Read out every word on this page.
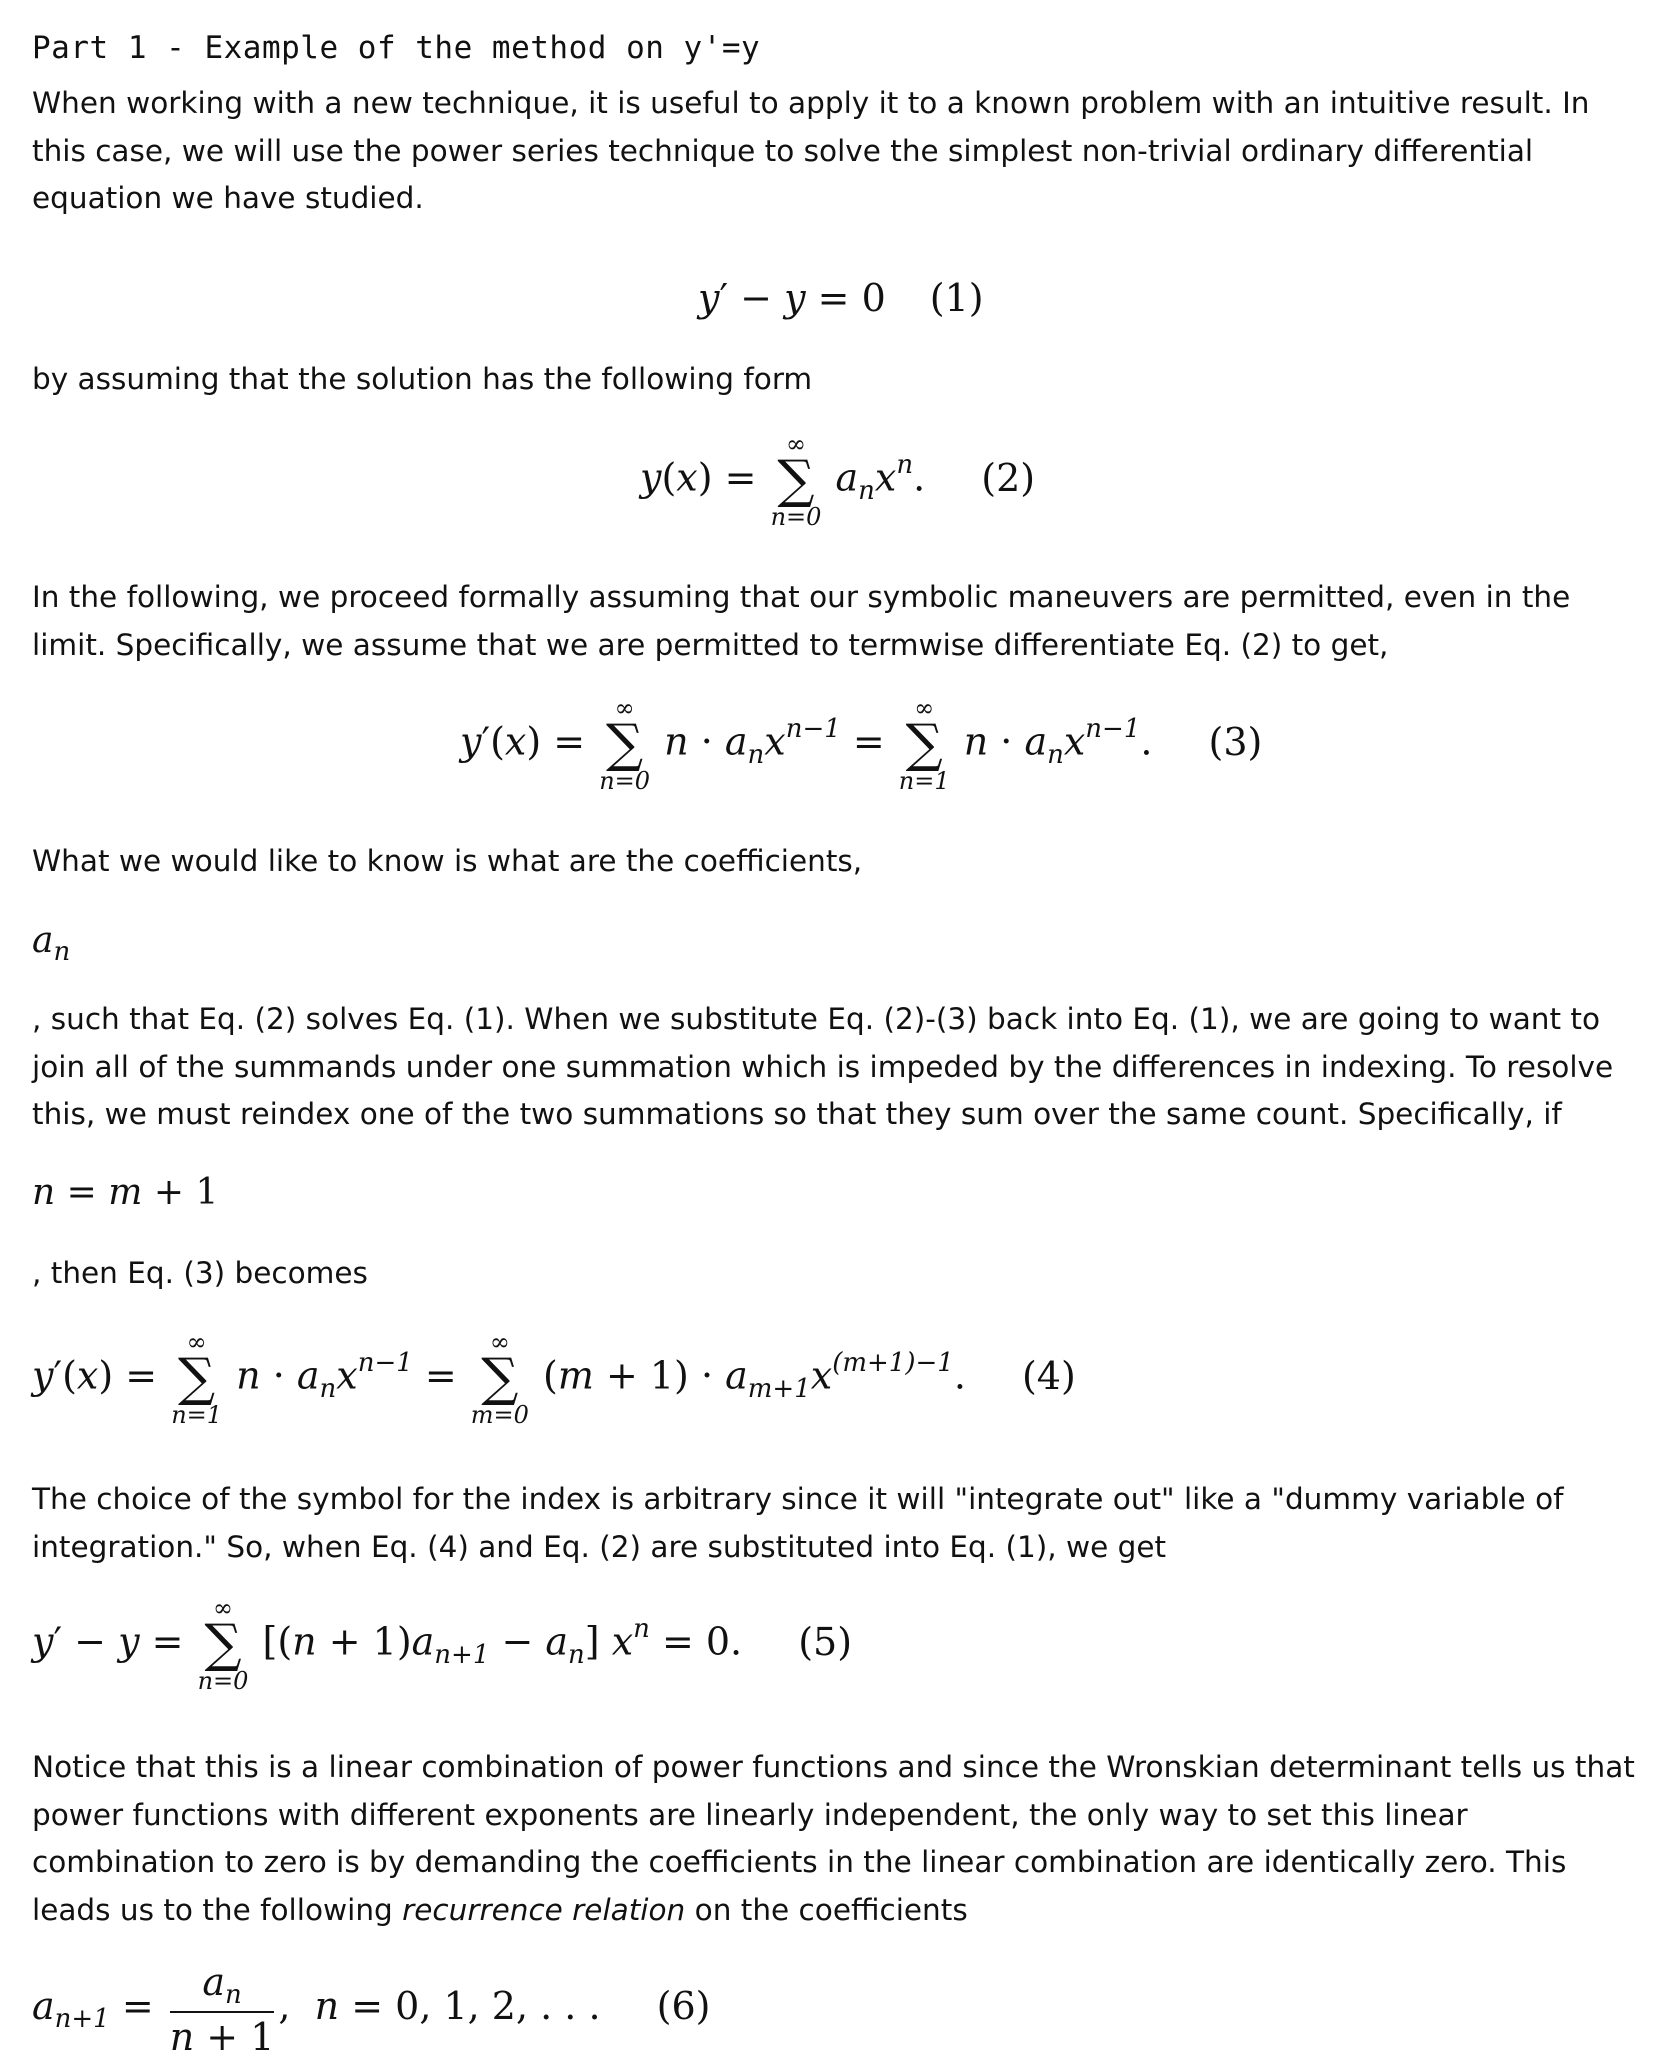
Part 1 - Example of the method on y'=y

When working with a new technique, it is useful to apply it to a known problem with an intuitive result. In this case, we will use the power series technique to solve the simplest non-trivial ordinary differential equation we have studied.

y′ − y = 0 (1)

by assuming that the solution has the following form

y(x) =
∞
∑
n=0
$a_nx^n$. (2)

In the following, we proceed formally assuming that our symbolic maneuvers are permitted, even in the limit. Specifically, we assume that we are permitted to termwise differentiate Eq. (2) to get,

y′(x) =
∞
∑
n=0
$n \cdot a_nx^{n-1}$ =
∞
∑
n=1
$n \cdot a_nx^{n-1}$. (3)

What we would like to know is what are the coefficients,

$a_n$

, such that Eq. (2) solves Eq. (1). When we substitute Eq. (2)-(3) back into Eq. (1), we are going to want to join all of the summands under one summation which is impeded by the differences in indexing. To resolve this, we must reindex one of the two summations so that they sum over the same count. Specifically, if

n = m + 1

, then Eq. (3) becomes

y′(x) =
∞
∑
n=1
$n \cdot a_nx^{n-1}$ =
∞
∑
m=0
$(m + 1) \cdot a_{m+1}x^{(m+1)-1}$. (4)

The choice of the symbol for the index is arbitrary since it will "integrate out" like a "dummy variable of integration." So, when Eq. (4) and Eq. (2) are substituted into Eq. (1), we get

y′ − y =
∞
∑
n=0
$[(n + 1)a_{n+1} - a_n]$ $x^n = 0$. (5)

Notice that this is a linear combination of power functions and since the Wronskian determinant tells us that power functions with different exponents are linearly independent, the only way to set this linear combination to zero is by demanding the coefficients in the linear combination are identically zero. This leads us to the following recurrence relation on the coefficients

$a_{n+1} = \frac{a_n}{n + 1}$ ,  n = 0, 1, 2, . . . (6)
